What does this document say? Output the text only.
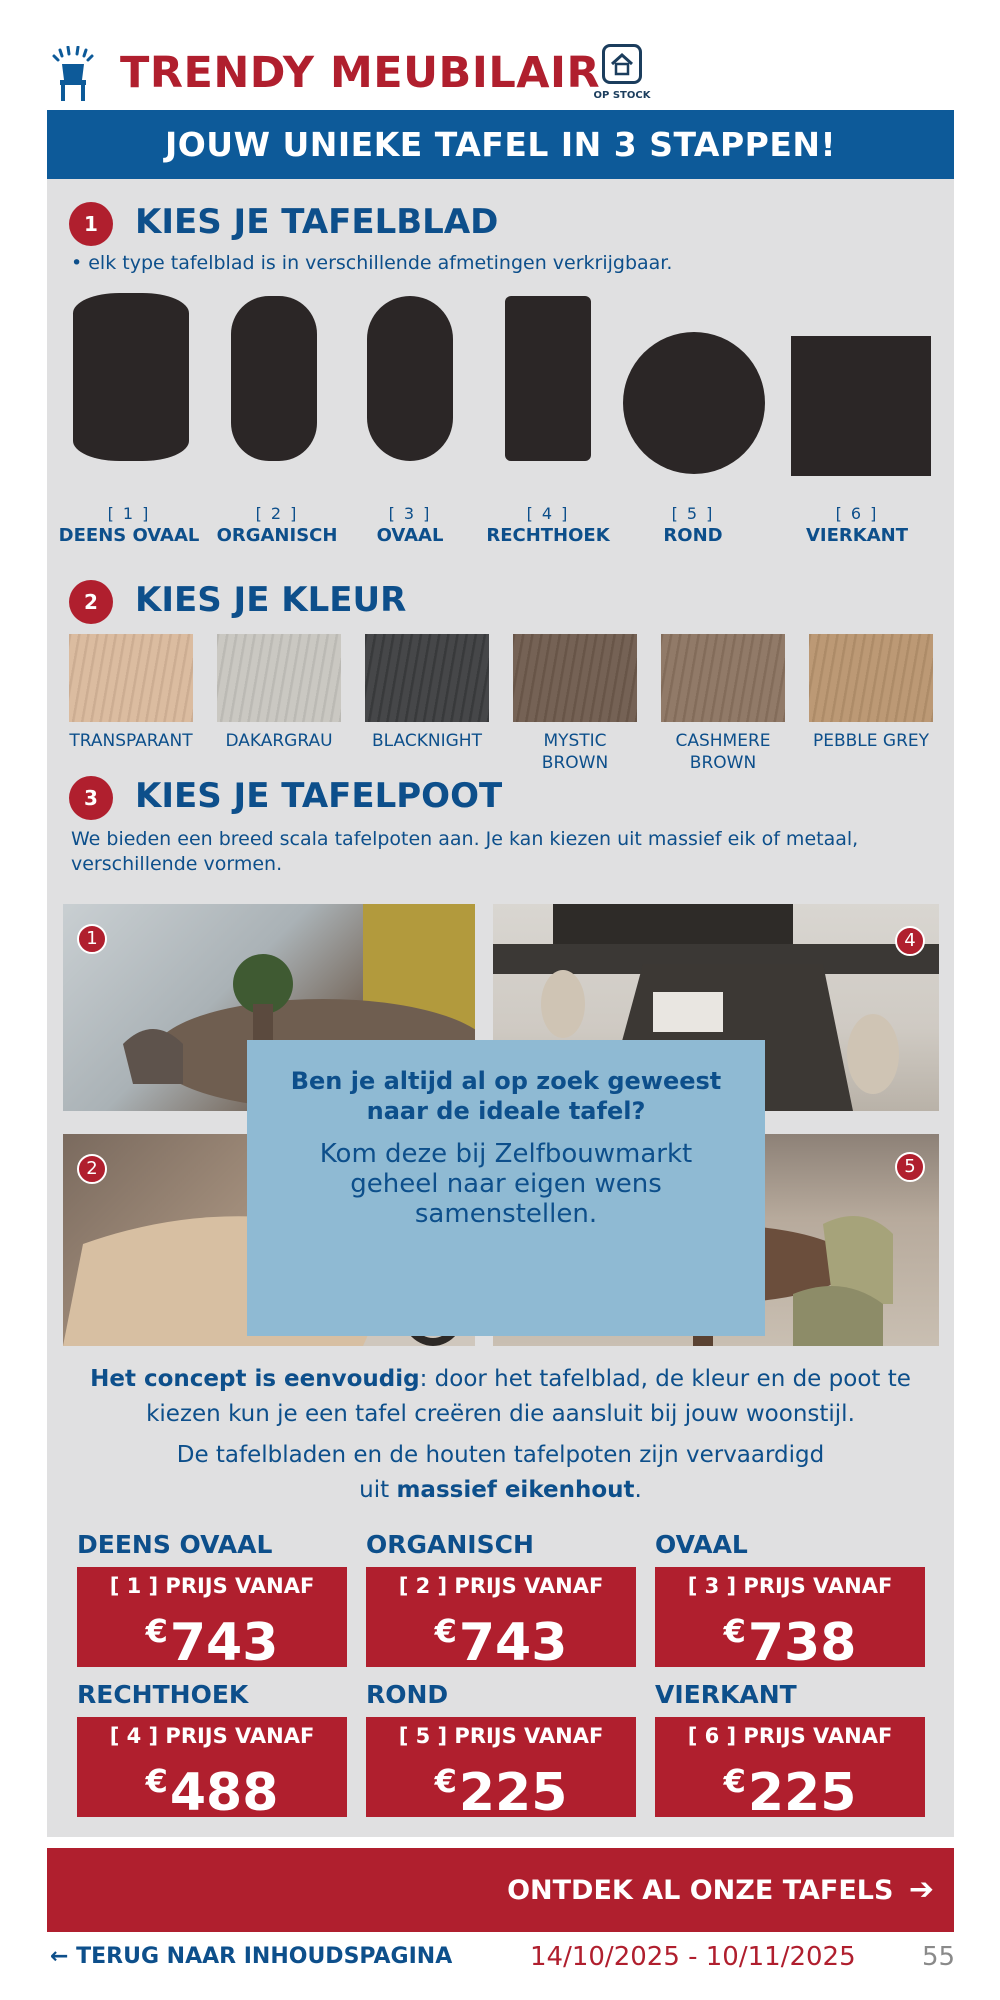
TRENDY MEUBILAIR
OP STOCK
JOUW UNIEKE TAFEL IN 3 STAPPEN!
1	KIES JE TAFELBLAD
• elk type tafelblad is in verschillende afmetingen verkrijgbaar.
[ 1 ]
DEENS OVAAL
[ 2 ]
ORGANISCH
[ 3 ]
OVAAL
[ 4 ]
RECHTHOEK
[ 5 ]
ROND
[ 6 ]
VIERKANT
2	KIES JE KLEUR
TRANSPARANT	DAKARGRAU	BLACKNIGHT	MYSTIC
BROWN
CASHMERE
BROWN
PEBBLE GREY
3	KIES JE TAFELPOOT
We bieden een breed scala tafelpoten aan. Je kan kiezen uit massief eik of metaal,
verschillende vormen.
1	4
2	5
Ben je altijd al op zoek geweest
naar de ideale tafel?
Kom deze bij Zelfbouwmarkt
geheel naar eigen wens
samenstellen.
Het concept is eenvoudig: door het tafelblad, de kleur en de poot te
kiezen kun je een tafel creëren die aansluit bij jouw woonstijl.
De tafelbladen en de houten tafelpoten zijn vervaardigd
uit massief eikenhout.
DEENS OVAAL
[ 1 ] PRIJS VANAF
€743
ORGANISCH
[ 2 ] PRIJS VANAF
€743
OVAAL
[ 3 ] PRIJS VANAF
€738
RECHTHOEK
[ 4 ] PRIJS VANAF
€488
ROND
[ 5 ] PRIJS VANAF
€225
VIERKANT
[ 6 ] PRIJS VANAF
€225
ONTDEK AL ONZE TAFELS ➔
← TERUG NAAR INHOUDSPAGINA	14/10/2025 - 10/11/2025	55
